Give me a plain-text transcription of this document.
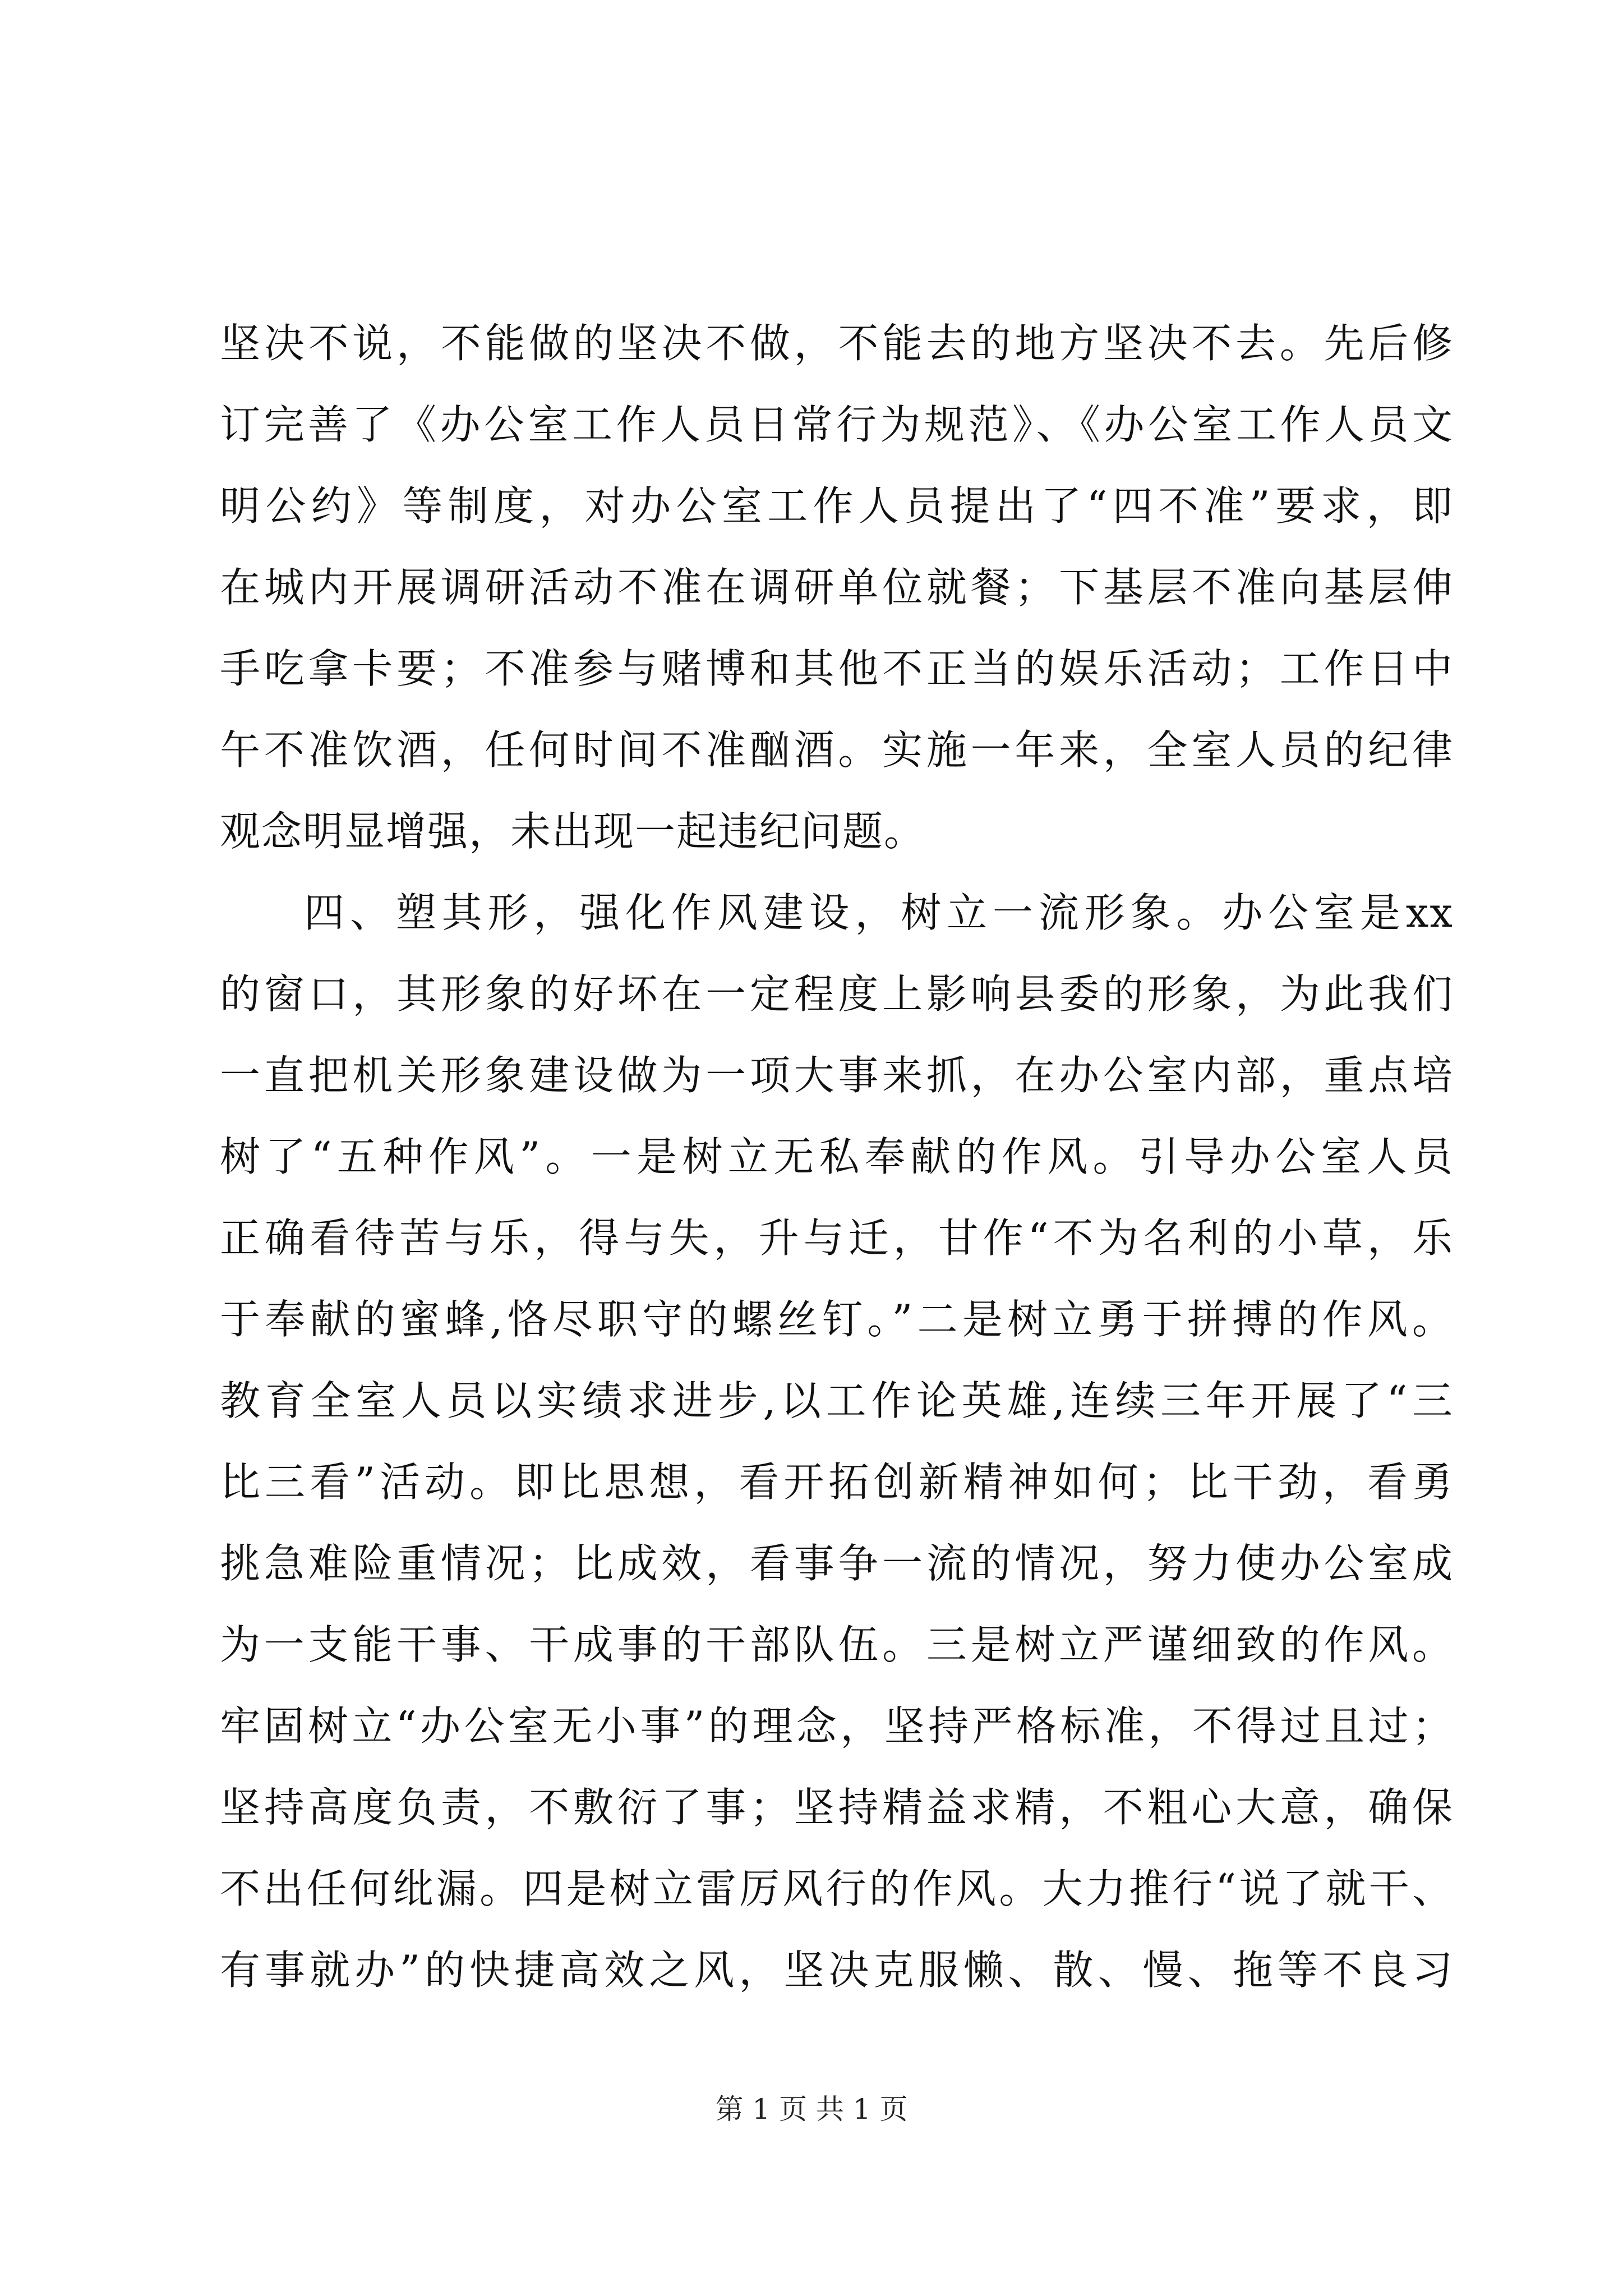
坚决不说，不能做的坚决不做，不能去的地方坚决不去。先后修
订完善了《办公室工作人员日常行为规范》、《办公室工作人员文
明公约》等制度，对办公室工作人员提出了“四不准”要求，即
在城内开展调研活动不准在调研单位就餐；下基层不准向基层伸
手吃拿卡要；不准参与赌博和其他不正当的娱乐活动；工作日中
午不准饮酒，任何时间不准酗酒。实施一年来，全室人员的纪律
观念明显增强，未出现一起违纪问题。
四、塑其形，强化作风建设，树立一流形象。办公室是xx
的窗口，其形象的好坏在一定程度上影响县委的形象，为此我们
一直把机关形象建设做为一项大事来抓，在办公室内部，重点培
树了“五种作风”。一是树立无私奉献的作风。引导办公室人员
正确看待苦与乐，得与失，升与迁，甘作“不为名利的小草，乐
于奉献的蜜蜂,恪尽职守的螺丝钉。”二是树立勇于拼搏的作风。
教育全室人员以实绩求进步,以工作论英雄,连续三年开展了“三
比三看”活动。即比思想，看开拓创新精神如何；比干劲，看勇
挑急难险重情况；比成效，看事争一流的情况，努力使办公室成
为一支能干事、干成事的干部队伍。三是树立严谨细致的作风。
牢固树立“办公室无小事”的理念，坚持严格标准，不得过且过；
坚持高度负责，不敷衍了事；坚持精益求精，不粗心大意，确保
不出任何纰漏。四是树立雷厉风行的作风。大力推行“说了就干、
有事就办”的快捷高效之风，坚决克服懒、散、慢、拖等不良习
第 1 页 共 1 页
